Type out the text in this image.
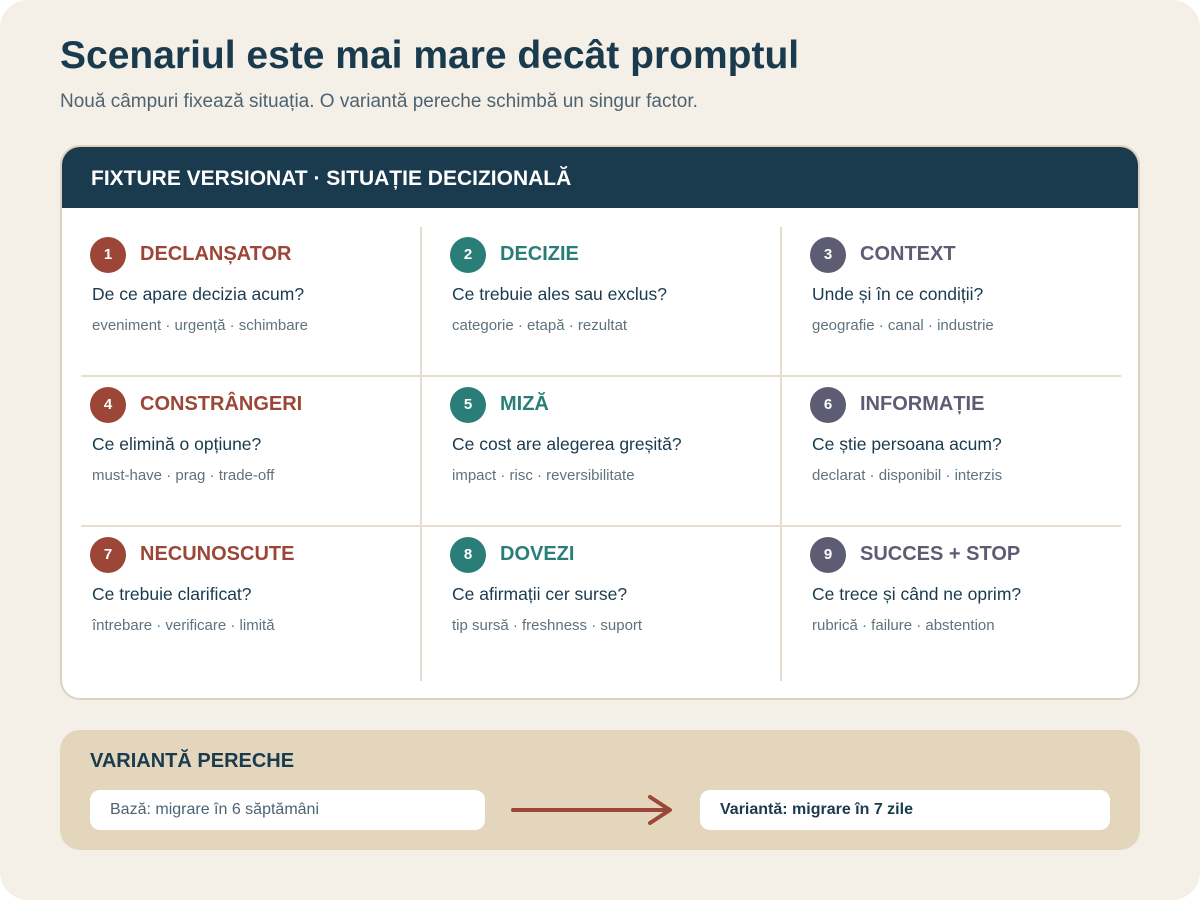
Scenariul este mai mare decât promptul

Nouă câmpuri fixează situația. O variantă pereche schimbă un singur factor.

FIXTURE VERSIONAT · SITUAȚIE DECIZIONALĂ
1	DECLANȘATOR
De ce apare decizia acum?
eveniment · urgență · schimbare
2	DECIZIE
Ce trebuie ales sau exclus?
categorie · etapă · rezultat
3	CONTEXT
Unde și în ce condiții?
geografie · canal · industrie
4	CONSTRÂNGERI
Ce elimină o opțiune?
must-have · prag · trade-off
5	MIZĂ
Ce cost are alegerea greșită?
impact · risc · reversibilitate
6	INFORMAȚIE
Ce știe persoana acum?
declarat · disponibil · interzis
7	NECUNOSCUTE
Ce trebuie clarificat?
întrebare · verificare · limită
8	DOVEZI
Ce afirmații cer surse?
tip sursă · freshness · suport
9	SUCCES + STOP
Ce trece și când ne oprim?
rubrică · failure · abstention
VARIANTĂ PERECHE
Bază: migrare în 6 săptămâni	Variantă: migrare în 7 zile
